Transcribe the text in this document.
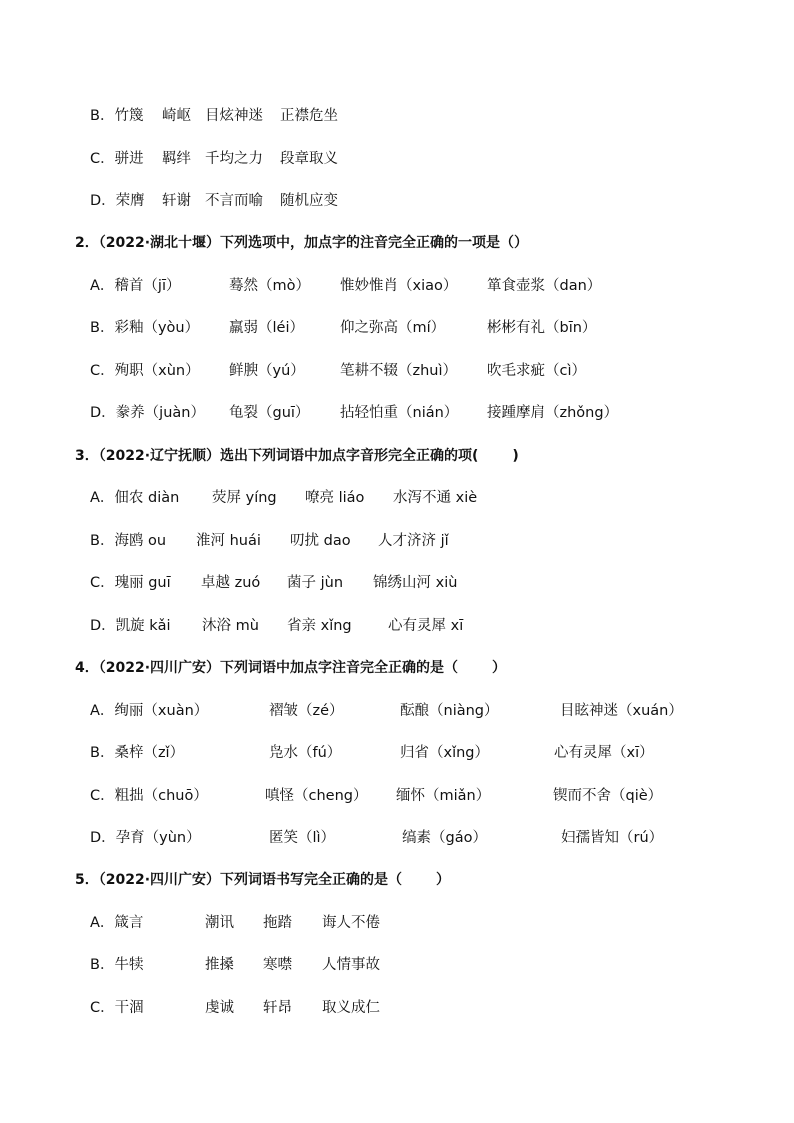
B．竹篾 崎岖 目炫神迷 正襟危坐
C．骈进 羁绊 千均之力 段章取义
D．荣膺 轩谢 不言而喻 随机应变
2．（2022·湖北十堰）下列选项中，加点字的注音完全正确的一项是（）
A．稽首（jī）	蓦然（mò） 惟妙惟肖（xiao） 箪食壶浆（dan）
B．彩釉（yòu） 羸弱（léi） 仰之弥高（mí）	彬彬有礼（bīn）
C．殉职（xùn） 鲜腴（yú） 笔耕不辍（zhuì） 吹毛求疵（cì）
D．豢养（juàn） 龟裂（guī） 拈轻怕重（nián） 接踵摩肩（zhǒng）
3．（2022·辽宁抚顺）选出下列词语中加点字音形完全正确的项( )
A．佃农 diàn 荧屏 yíng 嘹亮 liáo 水泻不通 xiè
B．海鸥 ou 淮河 huái 叨扰 dao 人才济济 jǐ
C．瑰丽 guī 卓越 zuó 菌子 jùn 锦绣山河 xiù
D．凯旋 kǎi 沐浴 mù 省亲 xǐng	心有灵犀 xī
4．（2022·四川广安）下列词语中加点字注音完全正确的是（ ）
A．绚丽（xuàn）	褶皱（zé）	酝酿（niàng）	目眩神迷（xuán）
B．桑梓（zǐ）	凫水（fú）	归省（xǐng）	心有灵犀（xī）
C．粗拙（chuō）	嗔怪（cheng） 缅怀（miǎn）	锲而不舍（qiè）
D．孕育（yùn）	匿笑（lì）	缟素（gáo）	妇孺皆知（rú）
5．（2022·四川广安）下列词语书写完全正确的是（ ）
A．箴言	潮讯 拖踏 诲人不倦
B．牛犊	推搡 寒噤 人情事故
C．干涸	虔诚 轩昂 取义成仁
